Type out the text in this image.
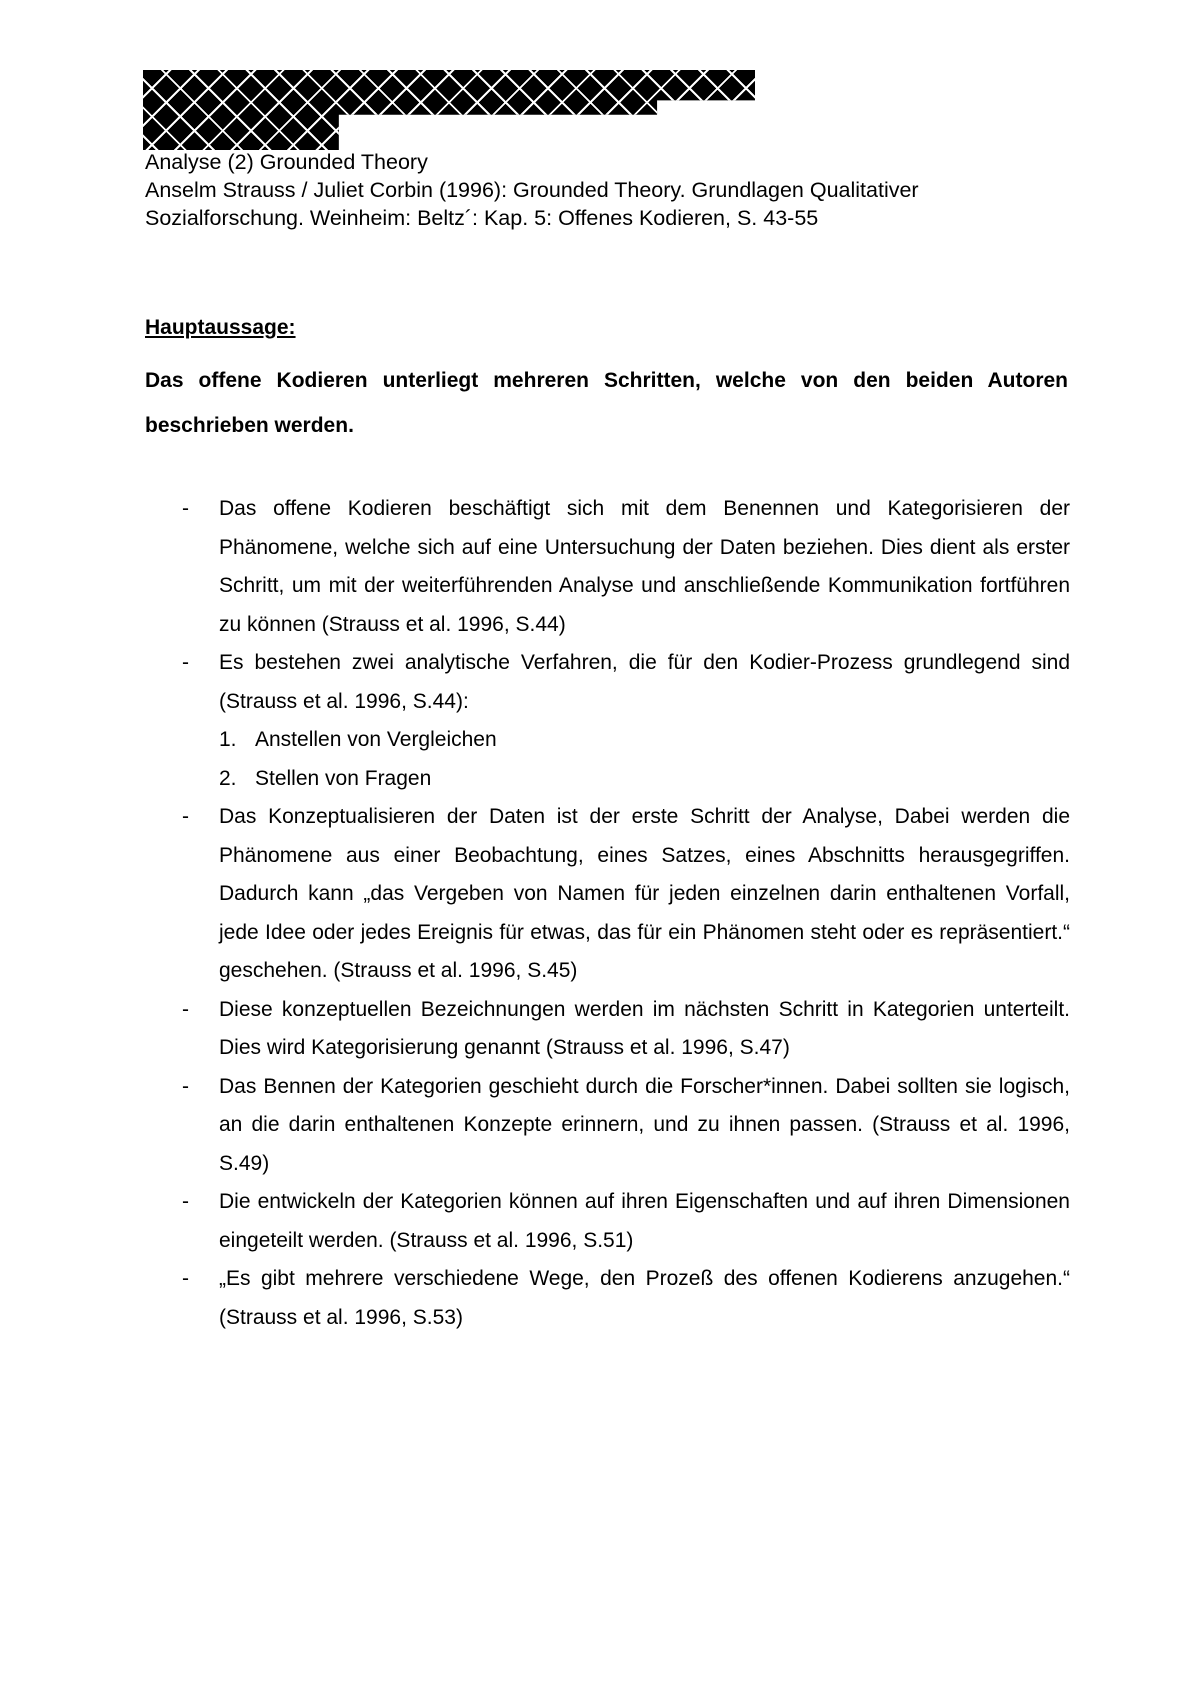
Analyse (2) Grounded Theory
Anselm Strauss / Juliet Corbin (1996): Grounded Theory. Grundlagen Qualitativer
Sozialforschung. Weinheim: Beltz´: Kap. 5: Offenes Kodieren, S. 43-55
Hauptaussage:
Das offene Kodieren unterliegt mehreren Schritten, welche von den beiden Autoren beschrieben werden.
- Das offene Kodieren beschäftigt sich mit dem Benennen und Kategorisieren der Phänomene, welche sich auf eine Untersuchung der Daten beziehen. Dies dient als erster Schritt, um mit der weiterführenden Analyse und anschließende Kommunikation fortführen zu können (Strauss et al. 1996, S.44)
- Es bestehen zwei analytische Verfahren, die für den Kodier-Prozess grundlegend sind (Strauss et al. 1996, S.44):
1. Anstellen von Vergleichen
2. Stellen von Fragen
- Das Konzeptualisieren der Daten ist der erste Schritt der Analyse, Dabei werden die Phänomene aus einer Beobachtung, eines Satzes, eines Abschnitts herausgegriffen. Dadurch kann „das Vergeben von Namen für jeden einzelnen darin enthaltenen Vorfall, jede Idee oder jedes Ereignis für etwas, das für ein Phänomen steht oder es repräsentiert.“ geschehen. (Strauss et al. 1996, S.45)
- Diese konzeptuellen Bezeichnungen werden im nächsten Schritt in Kategorien unterteilt. Dies wird Kategorisierung genannt (Strauss et al. 1996, S.47)
- Das Bennen der Kategorien geschieht durch die Forscher*innen. Dabei sollten sie logisch, an die darin enthaltenen Konzepte erinnern, und zu ihnen passen. (Strauss et al. 1996, S.49)
- Die entwickeln der Kategorien können auf ihren Eigenschaften und auf ihren Dimensionen eingeteilt werden. (Strauss et al. 1996, S.51)
- „Es gibt mehrere verschiedene Wege, den Prozeß des offenen Kodierens anzugehen.“ (Strauss et al. 1996, S.53)
